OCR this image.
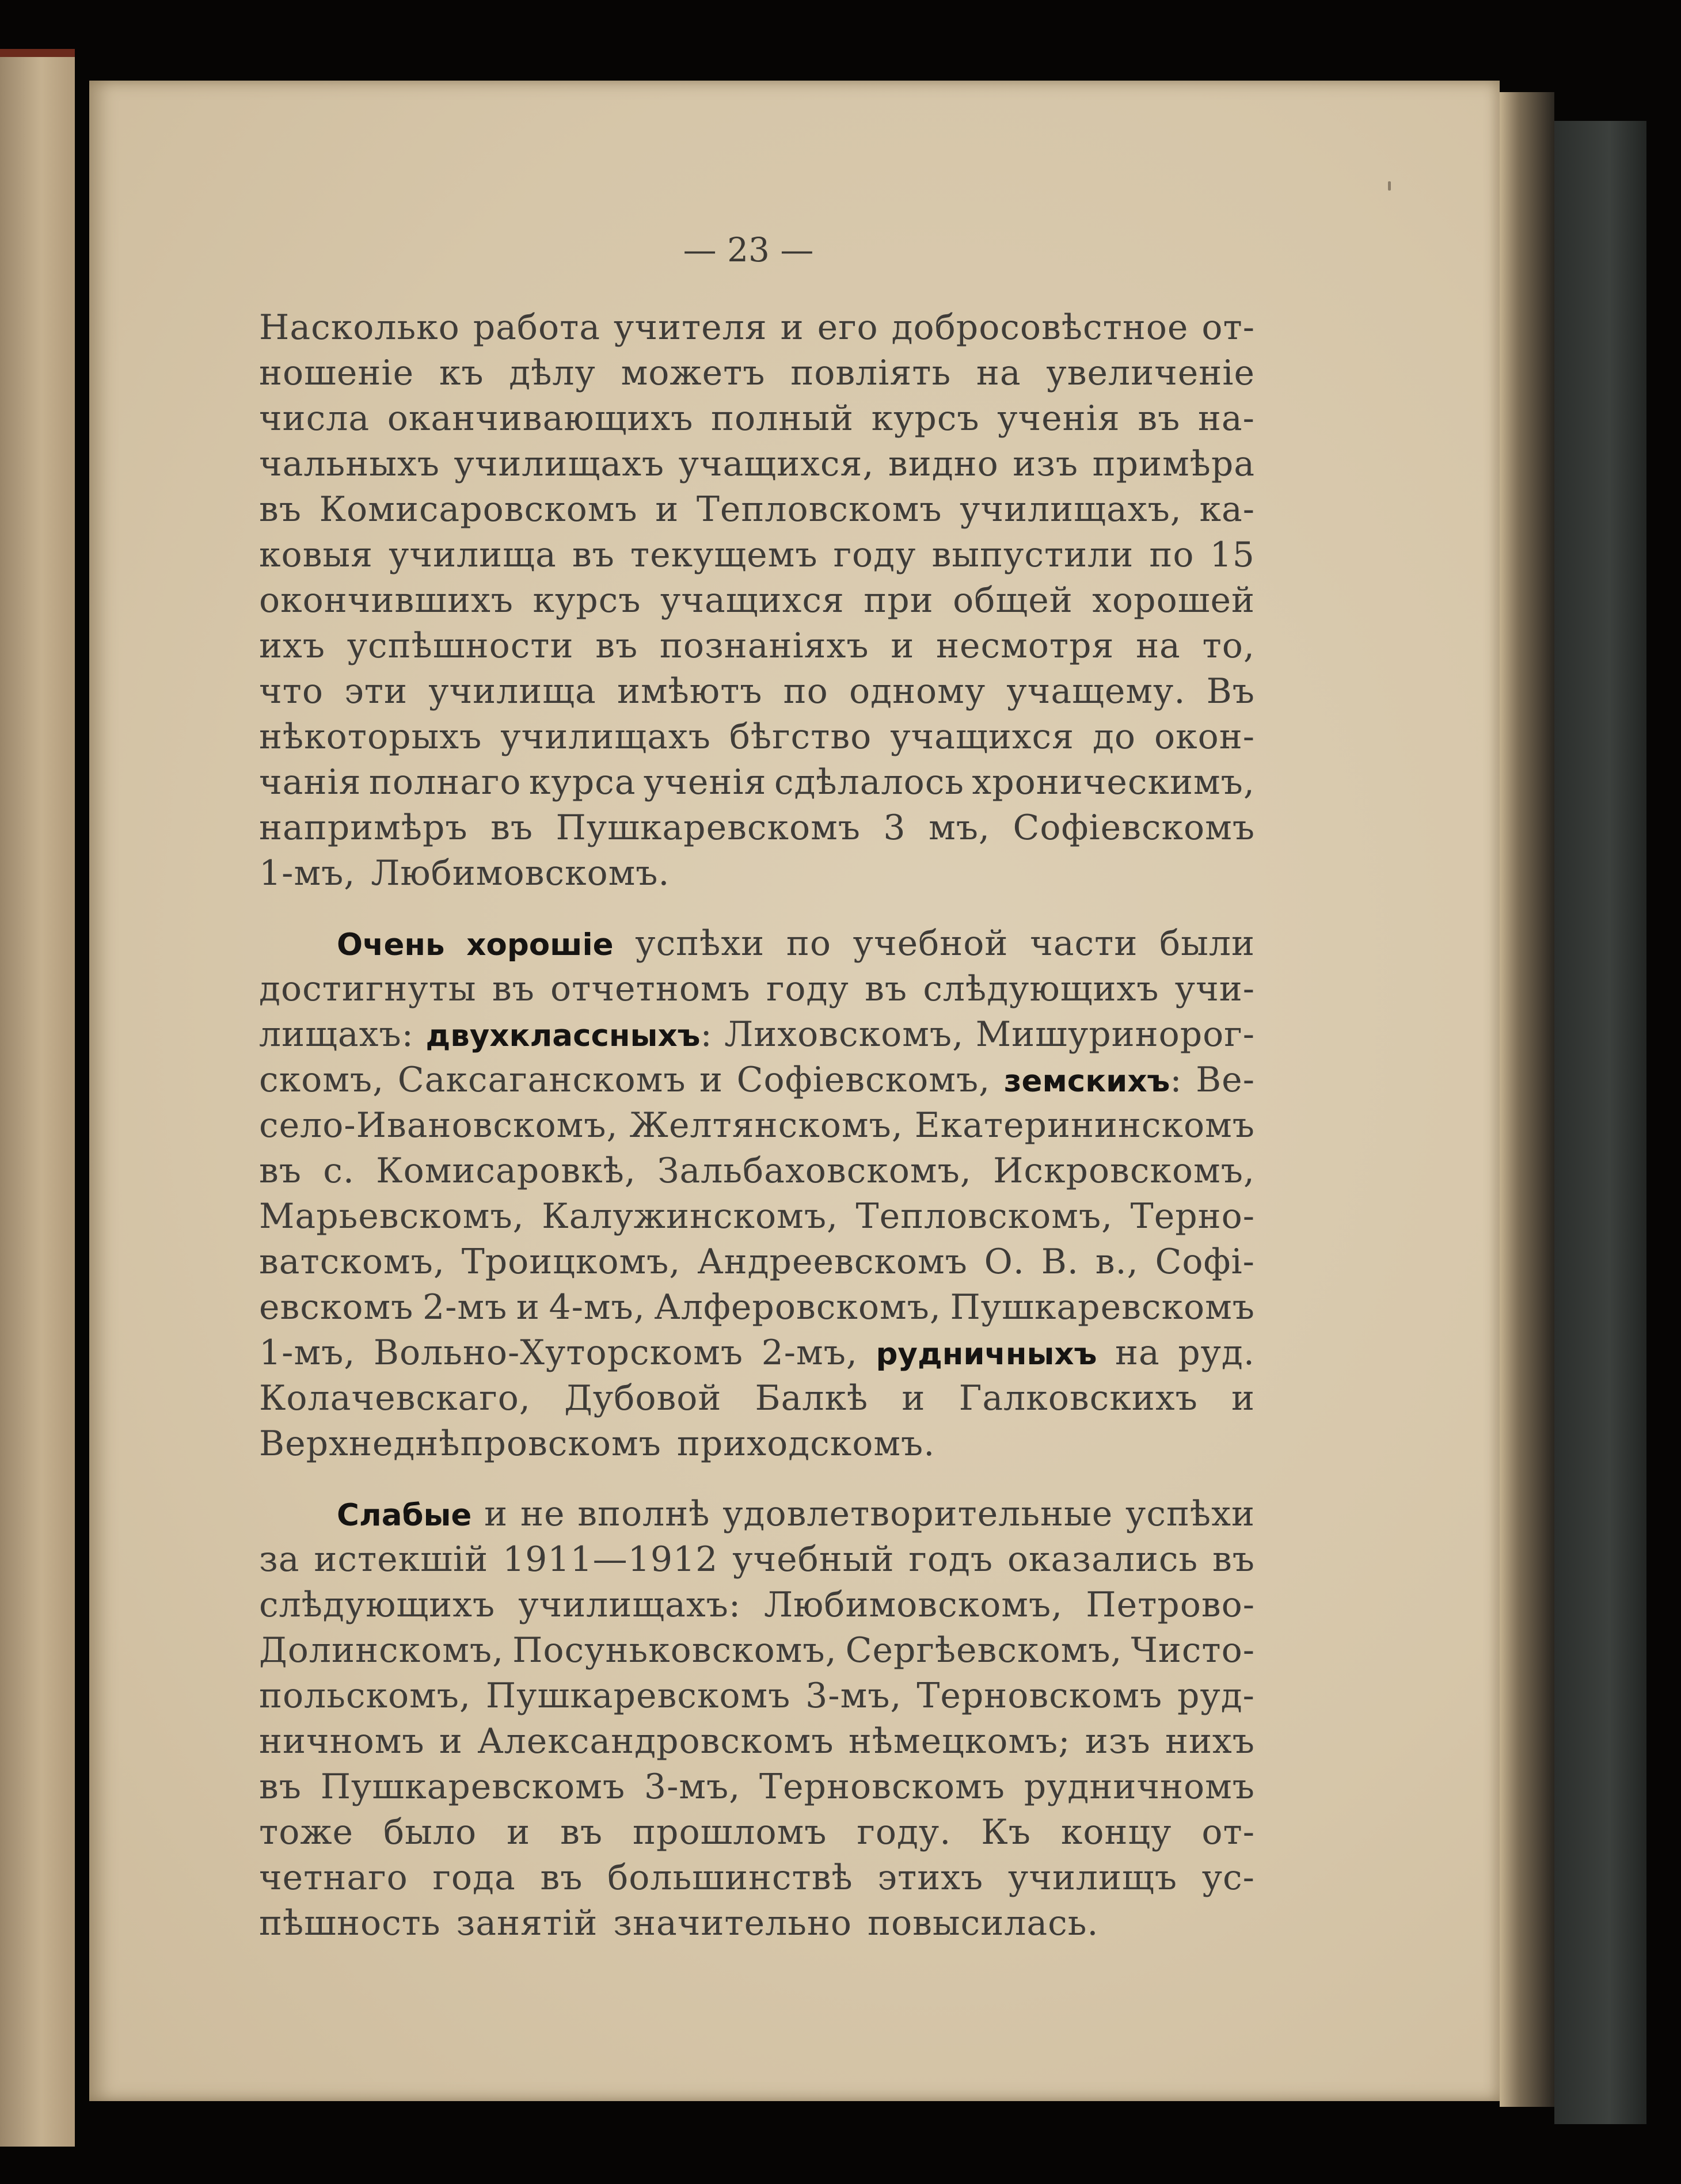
— 23 —
Насколько работа учителя и его добросовѣстное от-
ношеніе къ дѣлу можетъ повліять на увеличеніе
числа оканчивающихъ полный курсъ ученія въ на-
чальныхъ училищахъ учащихся, видно изъ примѣра
въ Комисаровскомъ и Тепловскомъ училищахъ, ка-
ковыя училища въ текущемъ году выпустили по 15
окончившихъ курсъ учащихся при общей хорошей
ихъ успѣшности въ познаніяхъ и несмотря на то,
что эти училища имѣютъ по одному учащему. Въ
нѣкоторыхъ училищахъ бѣгство учащихся до окон-
чанія полнаго курса ученія сдѣлалось хроническимъ,
напримѣръ въ Пушкаревскомъ 3 мъ, Софіевскомъ
1-мъ, Любимовскомъ.
Очень хорошіе успѣхи по учебной части были
достигнуты въ отчетномъ году въ слѣдующихъ учи-
лищахъ: двухклассныхъ: Лиховскомъ, Мишуринорог-
скомъ, Саксаганскомъ и Софіевскомъ, земскихъ: Ве-
село-Ивановскомъ, Желтянскомъ, Екатерининскомъ
въ с. Комисаровкѣ, Зальбаховскомъ, Искровскомъ,
Марьевскомъ, Калужинскомъ, Тепловскомъ, Терно-
ватскомъ, Троицкомъ, Андреевскомъ О. В. в., Софі-
евскомъ 2-мъ и 4-мъ, Алферовскомъ, Пушкаревскомъ
1-мъ, Вольно-Хуторскомъ 2-мъ, рудничныхъ на руд.
Колачевскаго, Дубовой Балкѣ и Галковскихъ и
Верхнеднѣпровскомъ приходскомъ.
Слабые и не вполнѣ удовлетворительные успѣхи
за истекшій 1911—1912 учебный годъ оказались въ
слѣдующихъ училищахъ: Любимовскомъ, Петрово-
Долинскомъ, Посуньковскомъ, Сергѣевскомъ, Чисто-
польскомъ, Пушкаревскомъ 3-мъ, Терновскомъ руд-
ничномъ и Александровскомъ нѣмецкомъ; изъ нихъ
въ Пушкаревскомъ 3-мъ, Терновскомъ рудничномъ
тоже было и въ прошломъ году. Къ концу от-
четнаго года въ большинствѣ этихъ училищъ ус-
пѣшность занятій значительно повысилась.
